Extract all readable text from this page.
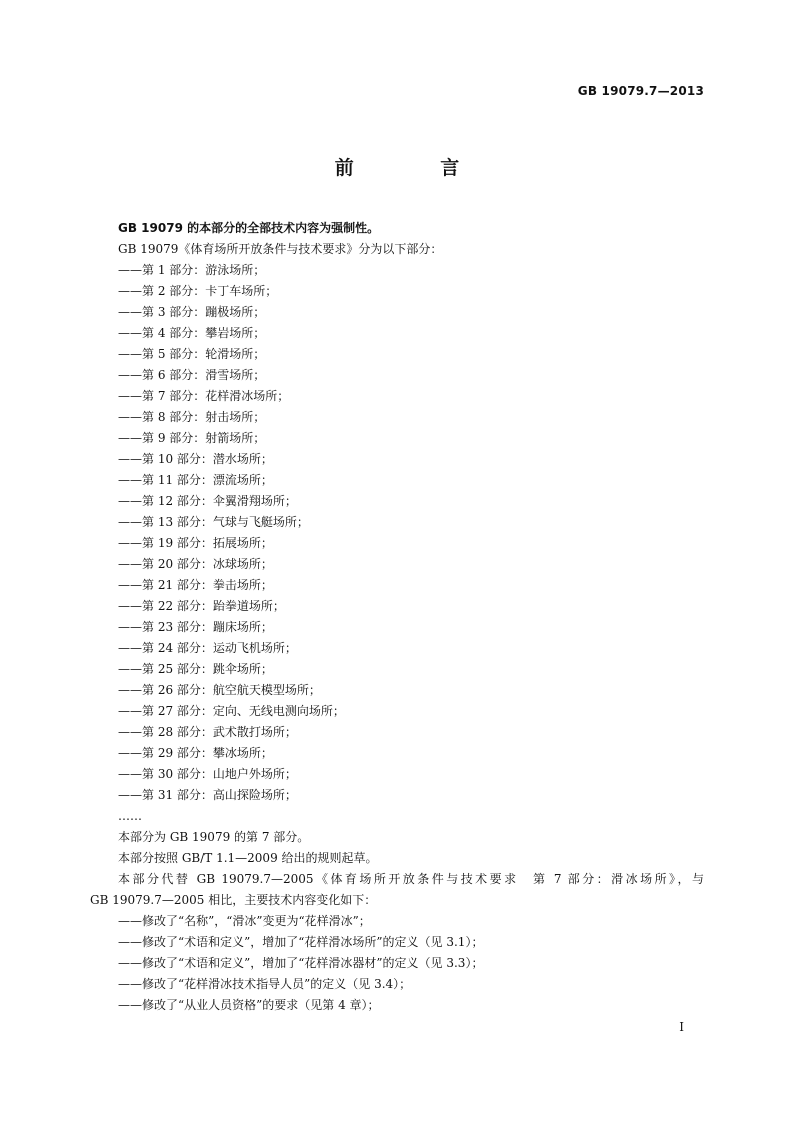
GB 19079.7—2013
前 言
GB 19079 的本部分的全部技术内容为强制性。
GB 19079《体育场所开放条件与技术要求》分为以下部分：
——第 1 部分：游泳场所；
——第 2 部分：卡丁车场所；
——第 3 部分：蹦极场所；
——第 4 部分：攀岩场所；
——第 5 部分：轮滑场所；
——第 6 部分：滑雪场所；
——第 7 部分：花样滑冰场所；
——第 8 部分：射击场所；
——第 9 部分：射箭场所；
——第 10 部分：潜水场所；
——第 11 部分：漂流场所；
——第 12 部分：伞翼滑翔场所；
——第 13 部分：气球与飞艇场所；
——第 19 部分：拓展场所；
——第 20 部分：冰球场所；
——第 21 部分：拳击场所；
——第 22 部分：跆拳道场所；
——第 23 部分：蹦床场所；
——第 24 部分：运动飞机场所；
——第 25 部分：跳伞场所；
——第 26 部分：航空航天模型场所；
——第 27 部分：定向、无线电测向场所；
——第 28 部分：武术散打场所；
——第 29 部分：攀冰场所；
——第 30 部分：山地户外场所；
——第 31 部分：高山探险场所；
……
本部分为 GB 19079 的第 7 部分。
本部分按照 GB/T 1.1—2009 给出的规则起草。
本部分代替 GB 19079.7—2005《体育场所开放条件与技术要求　第 7 部分：滑冰场所》，与
GB 19079.7—2005 相比，主要技术内容变化如下：
——修改了“名称”，“滑冰”变更为“花样滑冰”；
——修改了“术语和定义”，增加了“花样滑冰场所”的定义（见 3.1）；
——修改了“术语和定义”，增加了“花样滑冰器材”的定义（见 3.3）；
——修改了“花样滑冰技术指导人员”的定义（见 3.4）；
——修改了“从业人员资格”的要求（见第 4 章）；
I
